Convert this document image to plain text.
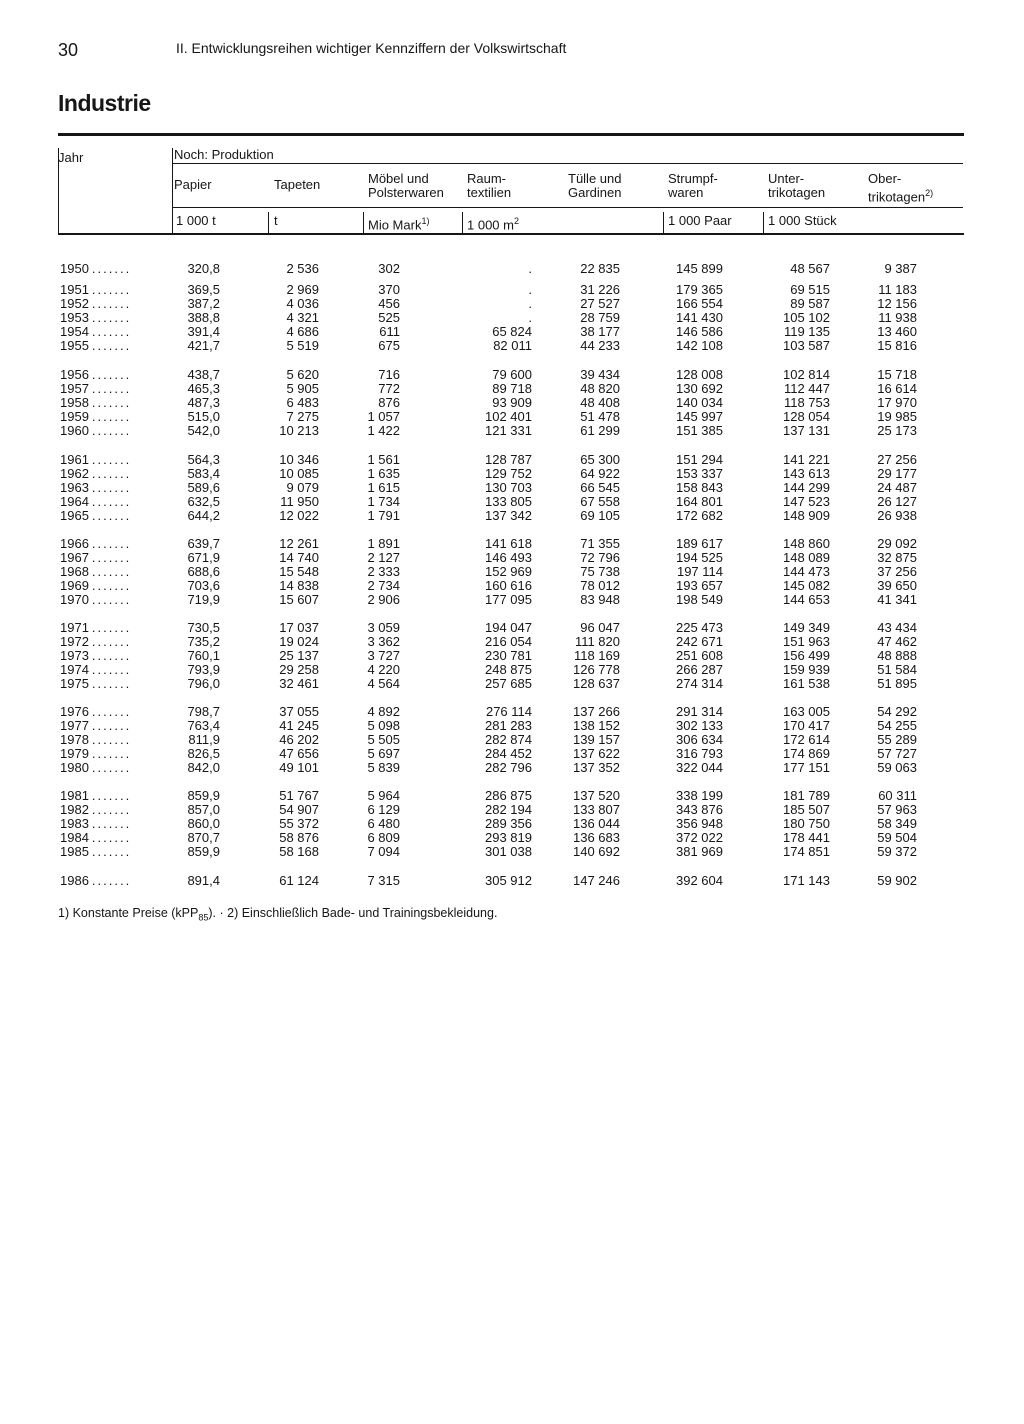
30	II. Entwicklungsreihen wichtiger Kennziffern der Volkswirtschaft
Industrie
Jahr	Noch: Produktion
Papier
1 000 t
Tapeten
t
Möbel und
Polsterwaren
Mio Mark$^{1)}$
Raum-
textilien
1 000 $m^2$
Tülle und
Gardinen
Strumpf-
waren
1 000 Paar
Unter-
trikotagen
1 000 Stück
Ober-
trikotagen$^{2)}$
1950 .......	320,8	2 536	302	.	22 835	145 899	48 567	9 387
1951 .......	369,5	2 969	370	.	31 226	179 365	69 515	11 183
1952 .......	387,2	4 036	456	.	27 527	166 554	89 587	12 156
1953 .......	388,8	4 321	525	.	28 759	141 430	105 102	11 938
1954 .......	391,4	4 686	611	65 824	38 177	146 586	119 135	13 460
1955 .......	421,7	5 519	675	82 011	44 233	142 108	103 587	15 816
1956 .......	438,7	5 620	716	79 600	39 434	128 008	102 814	15 718
1957 .......	465,3	5 905	772	89 718	48 820	130 692	112 447	16 614
1958 .......	487,3	6 483	876	93 909	48 408	140 034	118 753	17 970
1959 .......	515,0	7 275	1 057	102 401	51 478	145 997	128 054	19 985
1960 .......	542,0	10 213	1 422	121 331	61 299	151 385	137 131	25 173
1961 .......	564,3	10 346	1 561	128 787	65 300	151 294	141 221	27 256
1962 .......	583,4	10 085	1 635	129 752	64 922	153 337	143 613	29 177
1963 .......	589,6	9 079	1 615	130 703	66 545	158 843	144 299	24 487
1964 .......	632,5	11 950	1 734	133 805	67 558	164 801	147 523	26 127
1965 .......	644,2	12 022	1 791	137 342	69 105	172 682	148 909	26 938
1966 .......	639,7	12 261	1 891	141 618	71 355	189 617	148 860	29 092
1967 .......	671,9	14 740	2 127	146 493	72 796	194 525	148 089	32 875
1968 .......	688,6	15 548	2 333	152 969	75 738	197 114	144 473	37 256
1969 .......	703,6	14 838	2 734	160 616	78 012	193 657	145 082	39 650
1970 .......	719,9	15 607	2 906	177 095	83 948	198 549	144 653	41 341
1971 .......	730,5	17 037	3 059	194 047	96 047	225 473	149 349	43 434
1972 .......	735,2	19 024	3 362	216 054	111 820	242 671	151 963	47 462
1973 .......	760,1	25 137	3 727	230 781	118 169	251 608	156 499	48 888
1974 .......	793,9	29 258	4 220	248 875	126 778	266 287	159 939	51 584
1975 .......	796,0	32 461	4 564	257 685	128 637	274 314	161 538	51 895
1976 .......	798,7	37 055	4 892	276 114	137 266	291 314	163 005	54 292
1977 .......	763,4	41 245	5 098	281 283	138 152	302 133	170 417	54 255
1978 .......	811,9	46 202	5 505	282 874	139 157	306 634	172 614	55 289
1979 .......	826,5	47 656	5 697	284 452	137 622	316 793	174 869	57 727
1980 .......	842,0	49 101	5 839	282 796	137 352	322 044	177 151	59 063
1981 .......	859,9	51 767	5 964	286 875	137 520	338 199	181 789	60 311
1982 .......	857,0	54 907	6 129	282 194	133 807	343 876	185 507	57 963
1983 .......	860,0	55 372	6 480	289 356	136 044	356 948	180 750	58 349
1984 .......	870,7	58 876	6 809	293 819	136 683	372 022	178 441	59 504
1985 .......	859,9	58 168	7 094	301 038	140 692	381 969	174 851	59 372
1986 .......	891,4	61 124	7 315	305 912	147 246	392 604	171 143	59 902
1) Konstante Preise (kPP$_{85}$). · 2) Einschließlich Bade- und Trainingsbekleidung.
